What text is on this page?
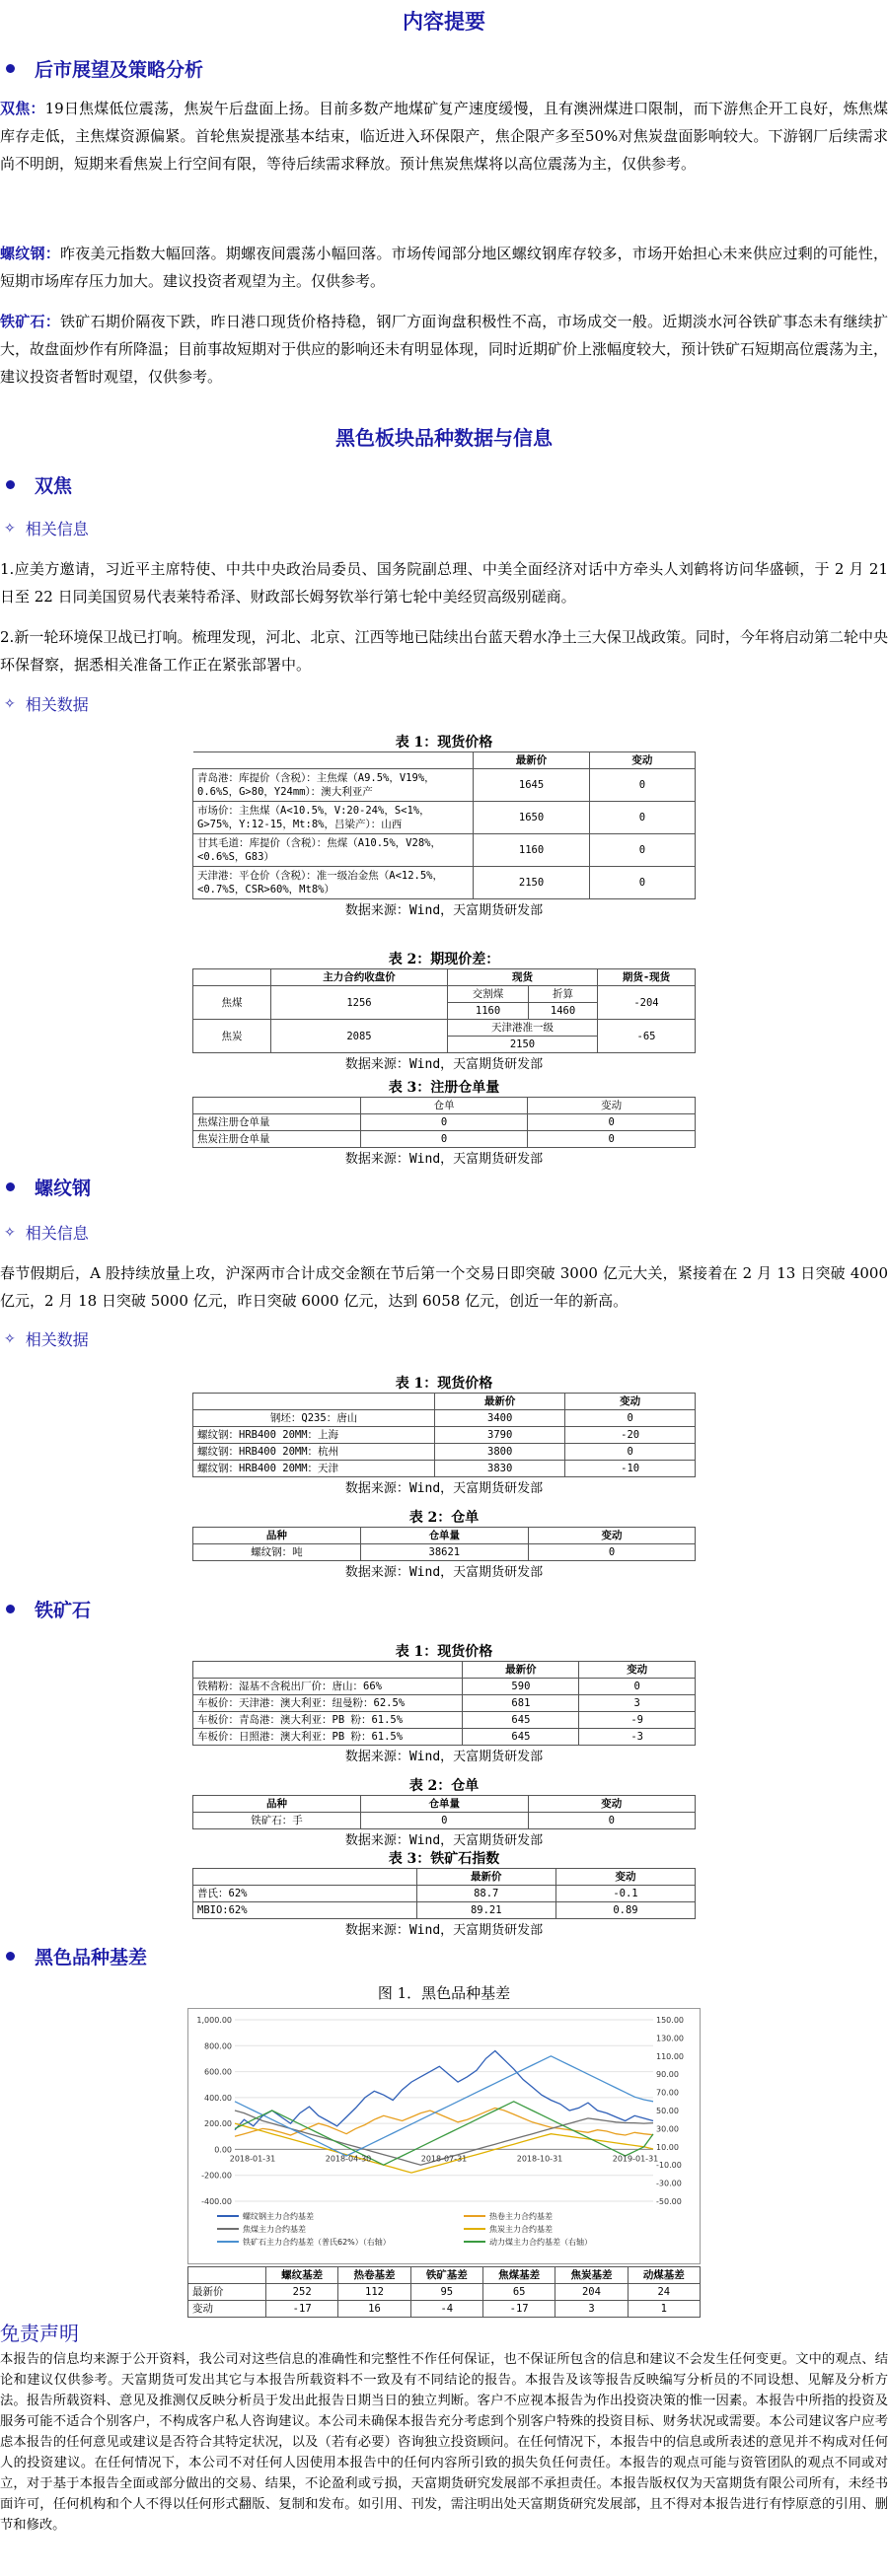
内容提要
后市展望及策略分析

双焦：19日焦煤低位震荡，焦炭午后盘面上扬。目前多数产地煤矿复产速度缓慢，且有澳洲煤进口限制，而下游焦企开工良好，炼焦煤库存走低，主焦煤资源偏紧。首轮焦炭提涨基本结束，临近进入环保限产，焦企限产多至50%对焦炭盘面影响较大。下游钢厂后续需求尚不明朗，短期来看焦炭上行空间有限，等待后续需求释放。预计焦炭焦煤将以高位震荡为主，仅供参考。

螺纹钢：昨夜美元指数大幅回落。期螺夜间震荡小幅回落。市场传闻部分地区螺纹钢库存较多，市场开始担心未来供应过剩的可能性，短期市场库存压力加大。建议投资者观望为主。仅供参考。

铁矿石：铁矿石期价隔夜下跌，昨日港口现货价格持稳，钢厂方面询盘积极性不高，市场成交一般。近期淡水河谷铁矿事态未有继续扩大，故盘面炒作有所降温；目前事故短期对于供应的影响还未有明显体现，同时近期矿价上涨幅度较大，预计铁矿石短期高位震荡为主，建议投资者暂时观望，仅供参考。

黑色板块品种数据与信息
双焦
✧ 相关信息

1.应美方邀请，习近平主席特使、中共中央政治局委员、国务院副总理、中美全面经济对话中方牵头人刘鹤将访问华盛顿，于 2 月 21 日至 22 日同美国贸易代表莱特希泽、财政部长姆努钦举行第七轮中美经贸高级别磋商。

2.新一轮环境保卫战已打响。梳理发现，河北、北京、江西等地已陆续出台蓝天碧水净土三大保卫战政策。同时，今年将启动第二轮中央环保督察，据悉相关准备工作正在紧张部署中。

✧ 相关数据
表 1：现货价格
	最新价	变动
青岛港：库提价（含税）：主焦煤（A9.5%，V19%，0.6%S，G>80，Y24mm）：澳大利亚产	1645	0
市场价：主焦煤（A<10.5%，V:20-24%，S<1%，G>75%，Y:12-15，Mt:8%，吕梁产）：山西	1650	0
甘其毛道：库提价（含税）：焦煤（A10.5%，V28%，<0.6%S，G83）	1160	0
天津港：平仓价（含税）：准一级冶金焦（A<12.5%，<0.7%S，CSR>60%，Mt8%）	2150	0
数据来源：Wind，天富期货研发部
表 2：期现价差：
	主力合约收盘价	现货		期货-现货
焦煤	1256	交割煤	折算	-204
		1160	1460	
焦炭	2085	天津港准一级		-65
		2150		
数据来源：Wind，天富期货研发部
表 3：注册仓单量
	仓单	变动
焦煤注册仓单量	0	0
焦炭注册仓单量	0	0
数据来源：Wind，天富期货研发部
螺纹钢
✧ 相关信息

春节假期后，A 股持续放量上攻，沪深两市合计成交金额在节后第一个交易日即突破 3000 亿元大关，紧接着在 2 月 13 日突破 4000 亿元，2 月 18 日突破 5000 亿元，昨日突破 6000 亿元，达到 6058 亿元，创近一年的新高。

✧ 相关数据
表 1：现货价格
	最新价	变动
钢坯：Q235：唐山	3400	0
螺纹钢：HRB400 20MM：上海	3790	-20
螺纹钢：HRB400 20MM：杭州	3800	0
螺纹钢：HRB400 20MM：天津	3830	-10
数据来源：Wind，天富期货研发部
表 2：仓单
品种	仓单量	变动
螺纹钢：吨	38621	0
数据来源：Wind，天富期货研发部
铁矿石
表 1：现货价格
	最新价	变动
铁精粉：湿基不含税出厂价：唐山：66%	590	0
车板价：天津港：澳大利亚：纽曼粉：62.5%	681	3
车板价：青岛港：澳大利亚：PB 粉：61.5%	645	-9
车板价：日照港：澳大利亚：PB 粉：61.5%	645	-3
数据来源：Wind，天富期货研发部
表 2：仓单
品种	仓单量	变动
铁矿石：手	0	0
数据来源：Wind，天富期货研发部
表 3：铁矿石指数
	最新价	变动
普氏：62%	88.7	-0.1
MBIO:62%	89.21	0.89
数据来源：Wind，天富期货研发部
黑色品种基差
图 1．黑色品种基差
1,000.00
800.00
600.00
400.00
200.00
0.00
-200.00
-400.00
150.00
130.00
110.00
90.00
70.00
50.00
30.00
10.00
-10.00
-30.00
-50.00
2018-01-31	2018-04-30	2018-07-31	2018-10-31	2019-01-31
螺纹钢主力合约基差	热卷主力合约基差
焦煤主力合约基差	焦炭主力合约基差
铁矿石主力合约基差（普氏62%）（右轴）	动力煤主力合约基差（右轴）
	螺纹基差	热卷基差	铁矿基差	焦煤基差	焦炭基差	动煤基差
最新价	252	112	95	65	204	24
变动	-17	16	-4	-17	3	1
免责声明

本报告的信息均来源于公开资料，我公司对这些信息的准确性和完整性不作任何保证，也不保证所包含的信息和建议不会发生任何变更。文中的观点、结论和建议仅供参考。天富期货可发出其它与本报告所载资料不一致及有不同结论的报告。本报告及该等报告反映编写分析员的不同设想、见解及分析方法。报告所载资料、意见及推测仅反映分析员于发出此报告日期当日的独立判断。客户不应视本报告为作出投资决策的惟一因素。本报告中所指的投资及服务可能不适合个别客户，不构成客户私人咨询建议。本公司未确保本报告充分考虑到个别客户特殊的投资目标、财务状况或需要。本公司建议客户应考虑本报告的任何意见或建议是否符合其特定状况，以及（若有必要）咨询独立投资顾问。在任何情况下，本报告中的信息或所表述的意见并不构成对任何人的投资建议。在任何情况下，本公司不对任何人因使用本报告中的任何内容所引致的损失负任何责任。本报告的观点可能与资管团队的观点不同或对立，对于基于本报告全面或部分做出的交易、结果，不论盈利或亏损，天富期货研究发展部不承担责任。本报告版权仅为天富期货有限公司所有，未经书面许可，任何机构和个人不得以任何形式翻版、复制和发布。如引用、刊发，需注明出处天富期货研究发展部，且不得对本报告进行有悖原意的引用、删节和修改。
